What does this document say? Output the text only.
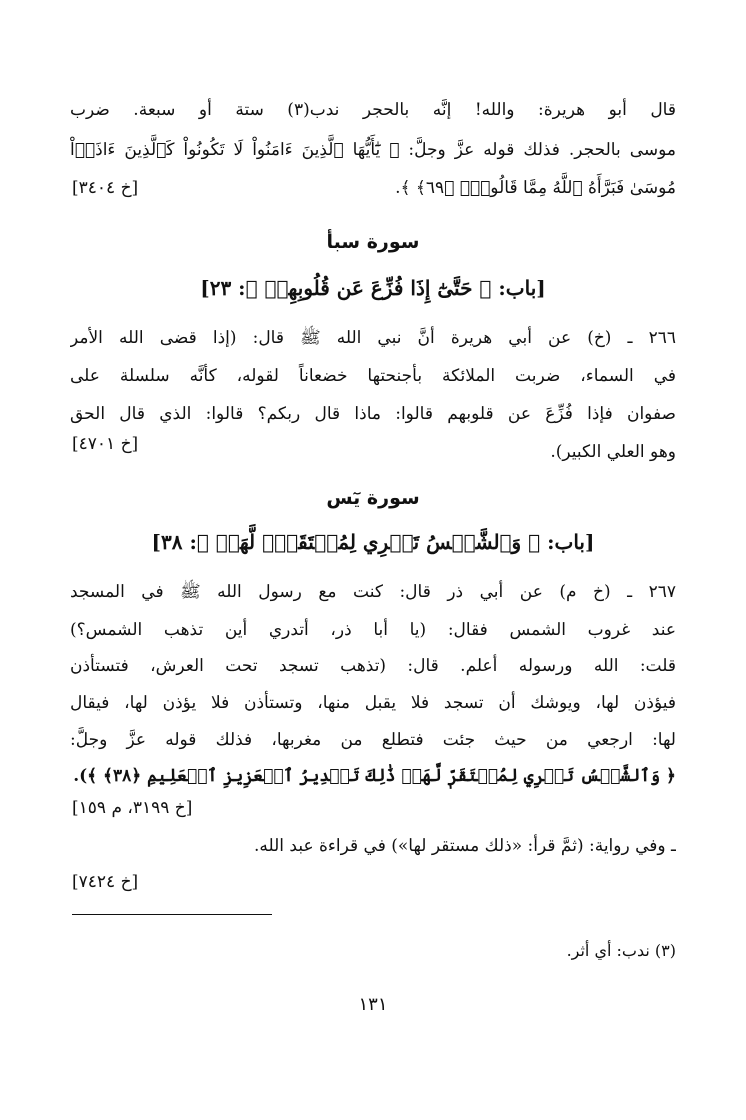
قال أبو هريرة: والله! إنَّه بالحجر ندب(٣) ستة أو سبعة. ضرب
موسى بالحجر. فذلك قوله عزَّ وجلَّ: ﴿ يَٰٓأَيُّهَا ٱلَّذِينَ ءَامَنُواْ لَا تَكُونُواْ كَٱلَّذِينَ ءَاذَوۡاْ
مُوسَىٰ فَبَرَّأَهُ ٱللَّهُ مِمَّا قَالُواْۚ ﴿٦٩﴾ ﴾.
[خ ٣٤٠٤]
سورة سبأ
[باب: ﴿ حَتَّىٰٓ إِذَا فُزِّعَ عَن قُلُوبِهِمۡ ﴾: ٢٣]
٢٦٦ ـ (خ) عن أبي هريرة أنَّ نبي الله ﷺ قال: (إذا قضى الله الأمر
في السماء، ضربت الملائكة بأجنحتها خضعاناً لقوله، كأنَّه سلسلة على
صفوان فإذا فُزِّعَ عن قلوبهم قالوا: ماذا قال ربكم؟ قالوا: الذي قال الحق
وهو العلي الكبير).
[خ ٤٧٠١]
سورة يٓس
[باب: ﴿ وَٱلشَّمۡسُ تَجۡرِي لِمُسۡتَقَرّٖ لَّهَاۚ ﴾: ٣٨]
٢٦٧ ـ (خ م) عن أبي ذر قال: كنت مع رسول الله ﷺ في المسجد
عند غروب الشمس فقال: (يا أبا ذر، أتدري أين تذهب الشمس؟)
قلت: الله ورسوله أعلم. قال: (تذهب تسجد تحت العرش، فتستأذن
فيؤذن لها، ويوشك أن تسجد فلا يقبل منها، وتستأذن فلا يؤذن لها، فيقال
لها: ارجعي من حيث جئت فتطلع من مغربها، فذلك قوله عزَّ وجلَّ:
﴿ وَٱلشَّمۡسُ تَجۡرِي لِمُسۡتَقَرّٖ لَّهَاۚ ذَٰلِكَ تَقۡدِيرُ ٱلۡعَزِيزِ ٱلۡعَلِيمِ ﴿٣٨﴾ ﴾).
[خ ٣١٩٩، م ١٥٩]
ـ وفي رواية: (ثمَّ قرأ: «ذلك مستقر لها») في قراءة عبد الله.
[خ ٧٤٢٤]
(٣) ندب: أي أثر.
١٣١
